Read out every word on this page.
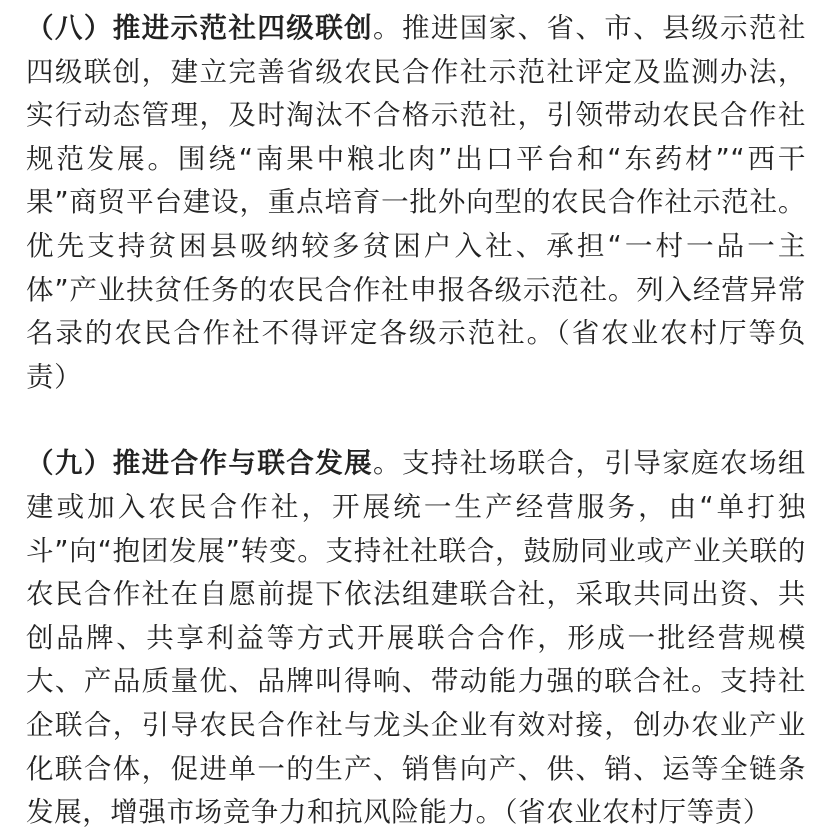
（八）推进示范社四级联创。推进国家、省、市、县级示范社四级联创，建立完善省级农民合作社示范社评定及监测办法，实行动态管理，及时淘汰不合格示范社，引领带动农民合作社规范发展。围绕“南果中粮北肉”出口平台和“东药材”“西干果”商贸平台建设，重点培育一批外向型的农民合作社示范社。优先支持贫困县吸纳较多贫困户入社、承担“一村一品一主体”产业扶贫任务的农民合作社申报各级示范社。列入经营异常名录的农民合作社不得评定各级示范社。（省农业农村厅等负责）

（九）推进合作与联合发展。支持社场联合，引导家庭农场组建或加入农民合作社，开展统一生产经营服务，由“单打独斗”向“抱团发展”转变。支持社社联合，鼓励同业或产业关联的农民合作社在自愿前提下依法组建联合社，采取共同出资、共创品牌、共享利益等方式开展联合合作，形成一批经营规模大、产品质量优、品牌叫得响、带动能力强的联合社。支持社企联合，引导农民合作社与龙头企业有效对接，创办农业产业化联合体，促进单一的生产、销售向产、供、销、运等全链条发展，增强市场竞争力和抗风险能力。（省农业农村厅等责）
